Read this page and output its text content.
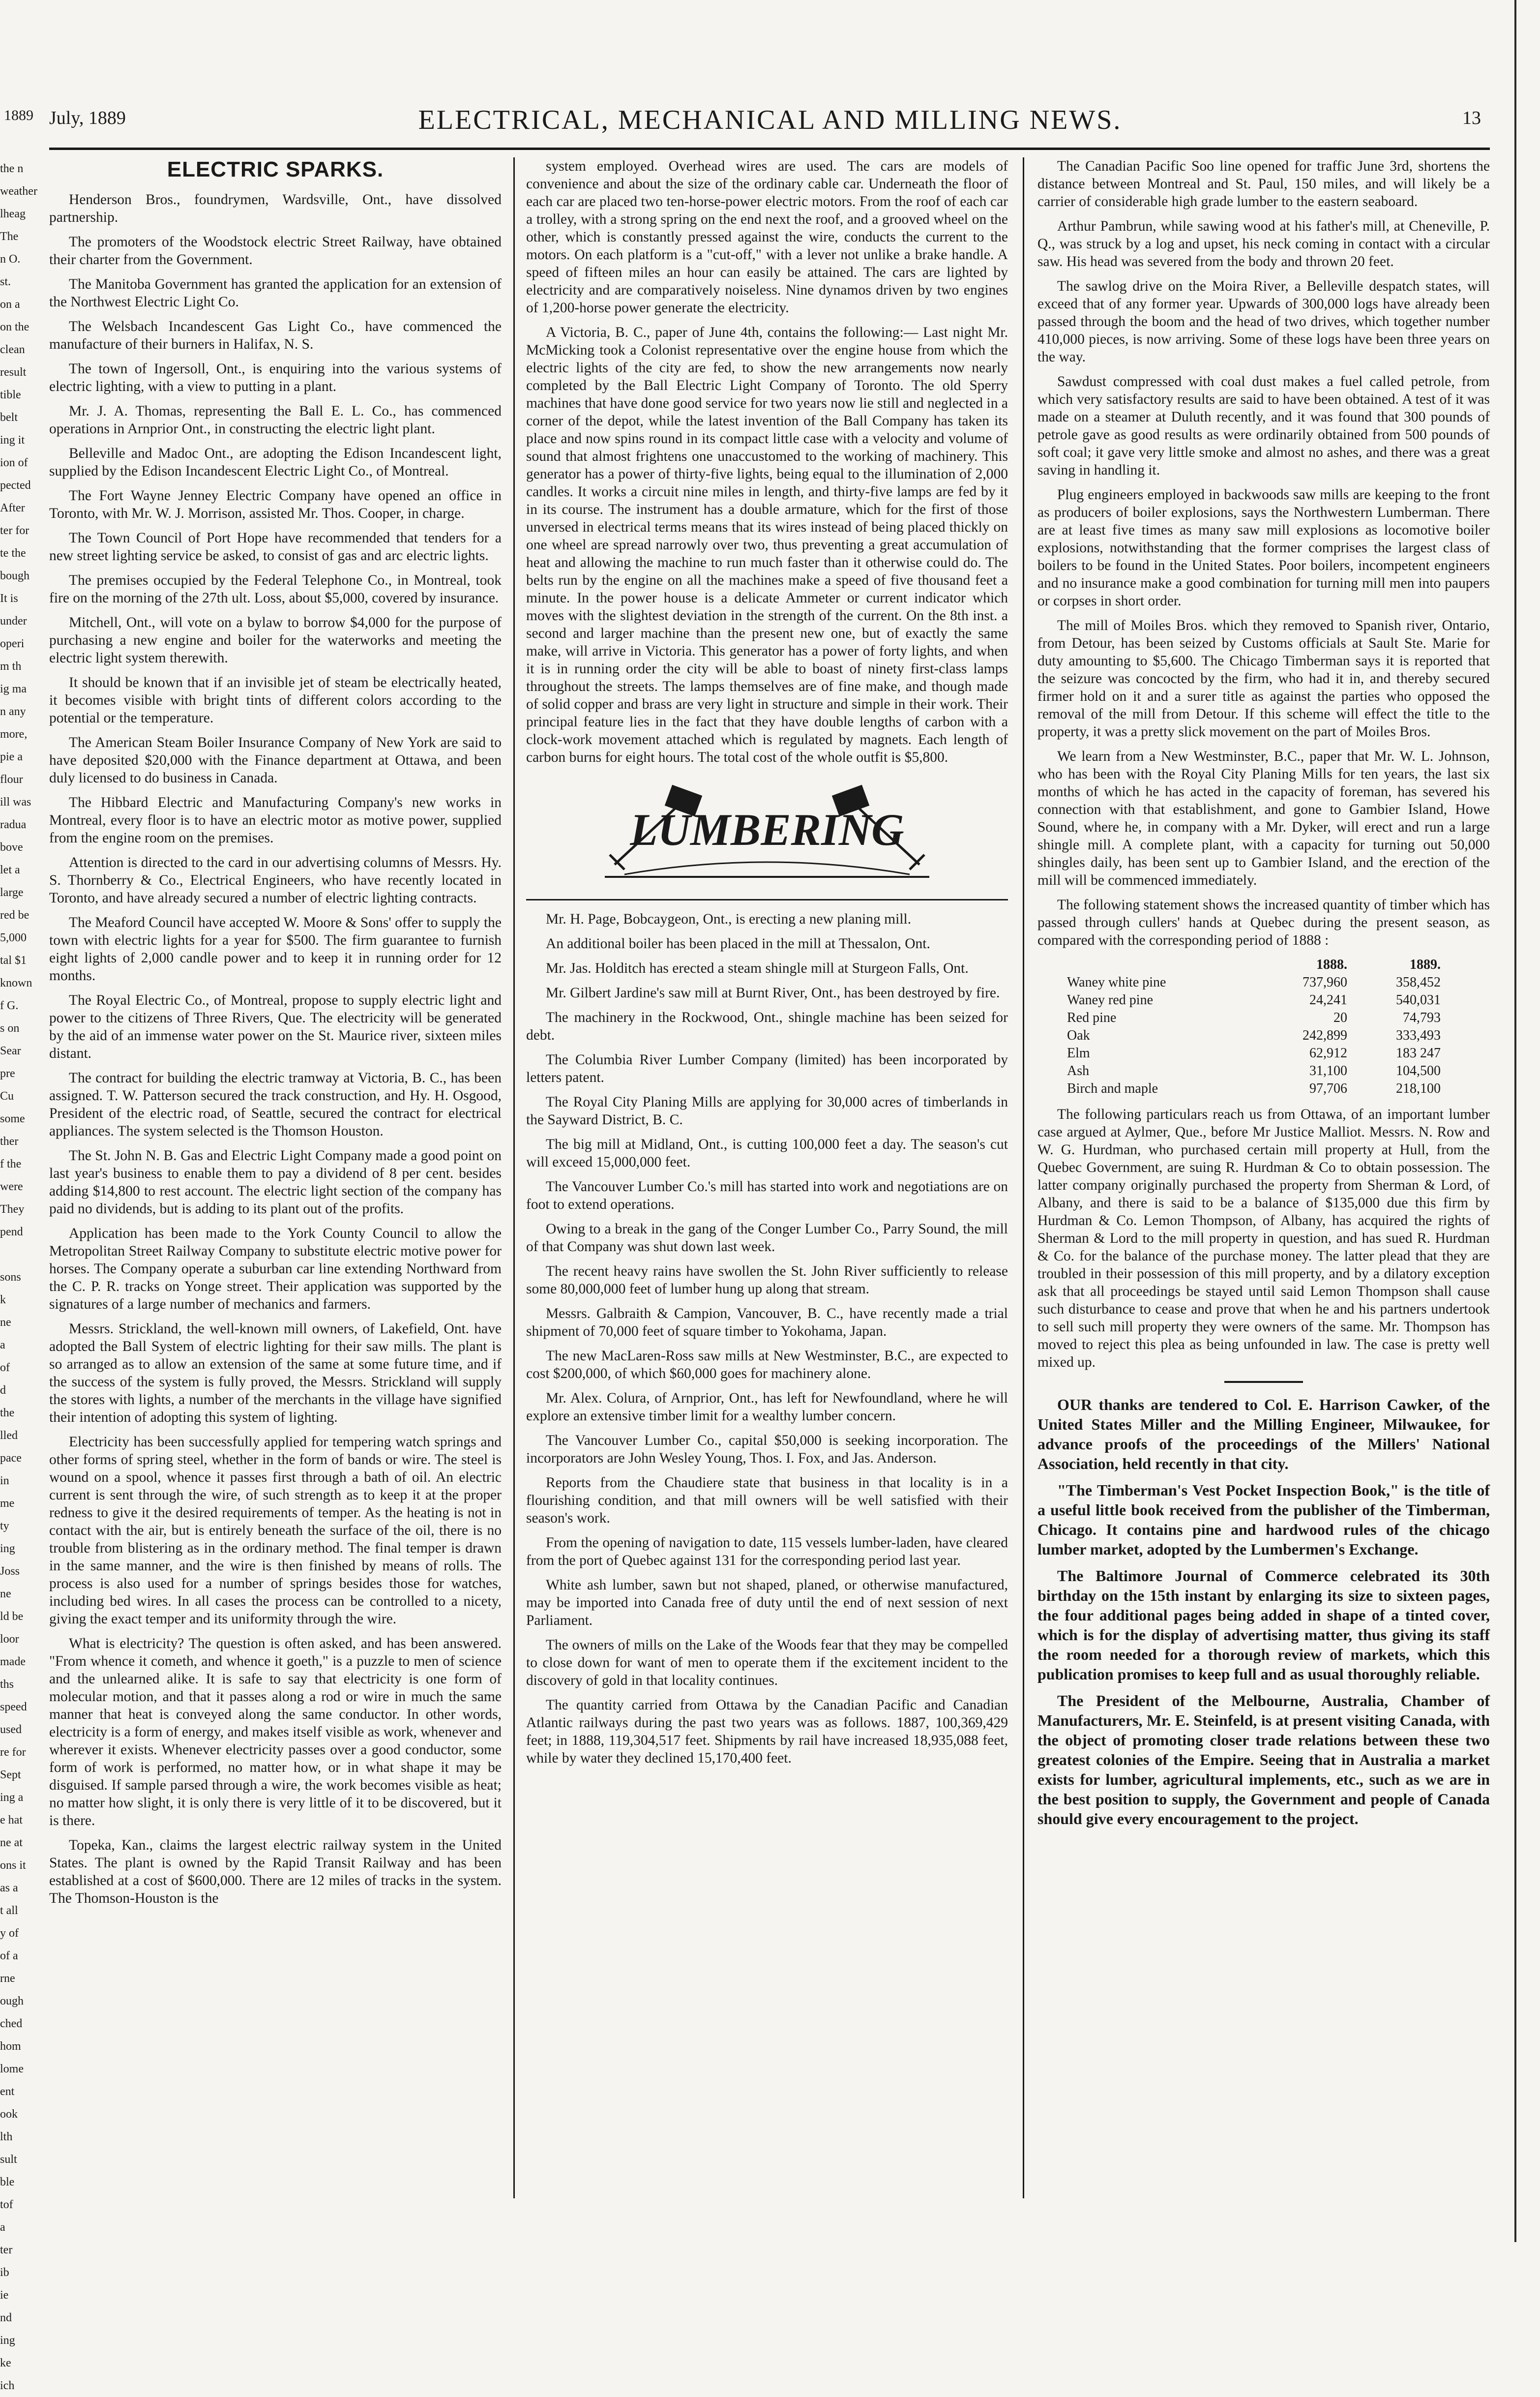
1889 July, 1889	ELECTRICAL, MECHANICAL AND MILLING NEWS.	13
the n
weather
lheag
The
n O.
st.
on a
on the
clean
result
tible
belt
ing it
ion of
pected
After
ter for
te the
bough
It is
under
operi
m th
ig ma
n any
more,
pie a
flour
ill was
radua
bove
let a
large
red be
5,000
tal $1
known
f G.
s on
Sear
pre
Cu
some
ther
f the
were
They
pend
sons
k
ne
a
of
d
the
lled
pace
in
me
ty
ing
Joss
ne
ld be
loor
made
ths
speed
used
re for
Sept
ing a
e hat
ne at
ons it
as a
t all
y of
of a
rne
ough
ched
hom
lome
ent
ook
lth
sult
ble
tof
a
ter
ib
ie
nd
ing
ke
ich
ELECTRIC SPARKS.

Henderson Bros., foundrymen, Wardsville, Ont., have dissolved partnership.

The promoters of the Woodstock electric Street Railway, have obtained their charter from the Government.

The Manitoba Government has granted the application for an extension of the Northwest Electric Light Co.

The Welsbach Incandescent Gas Light Co., have commenced the manufacture of their burners in Halifax, N. S.

The town of Ingersoll, Ont., is enquiring into the various systems of electric lighting, with a view to putting in a plant.

Mr. J. A. Thomas, representing the Ball E. L. Co., has commenced operations in Arnprior Ont., in constructing the electric light plant.

Belleville and Madoc Ont., are adopting the Edison Incandescent light, supplied by the Edison Incandescent Electric Light Co., of Montreal.

The Fort Wayne Jenney Electric Company have opened an office in Toronto, with Mr. W. J. Morrison, assisted Mr. Thos. Cooper, in charge.

The Town Council of Port Hope have recommended that tenders for a new street lighting service be asked, to consist of gas and arc electric lights.

The premises occupied by the Federal Telephone Co., in Montreal, took fire on the morning of the 27th ult. Loss, about $5,000, covered by insurance.

Mitchell, Ont., will vote on a bylaw to borrow $4,000 for the purpose of purchasing a new engine and boiler for the waterworks and meeting the electric light system therewith.

It should be known that if an invisible jet of steam be electrically heated, it becomes visible with bright tints of different colors according to the potential or the temperature.

The American Steam Boiler Insurance Company of New York are said to have deposited $20,000 with the Finance department at Ottawa, and been duly licensed to do business in Canada.

The Hibbard Electric and Manufacturing Company's new works in Montreal, every floor is to have an electric motor as motive power, supplied from the engine room on the premises.

Attention is directed to the card in our advertising columns of Messrs. Hy. S. Thornberry & Co., Electrical Engineers, who have recently located in Toronto, and have already secured a number of electric lighting contracts.

The Meaford Council have accepted W. Moore & Sons' offer to supply the town with electric lights for a year for $500. The firm guarantee to furnish eight lights of 2,000 candle power and to keep it in running order for 12 months.

The Royal Electric Co., of Montreal, propose to supply electric light and power to the citizens of Three Rivers, Que. The electricity will be generated by the aid of an immense water power on the St. Maurice river, sixteen miles distant.

The contract for building the electric tramway at Victoria, B. C., has been assigned. T. W. Patterson secured the track construction, and Hy. H. Osgood, President of the electric road, of Seattle, secured the contract for electrical appliances. The system selected is the Thomson Houston.

The St. John N. B. Gas and Electric Light Company made a good point on last year's business to enable them to pay a dividend of 8 per cent. besides adding $14,800 to rest account. The electric light section of the company has paid no dividends, but is adding to its plant out of the profits.

Application has been made to the York County Council to allow the Metropolitan Street Railway Company to substitute electric motive power for horses. The Company operate a suburban car line extending Northward from the C. P. R. tracks on Yonge street. Their application was supported by the signatures of a large number of mechanics and farmers.

Messrs. Strickland, the well-known mill owners, of Lakefield, Ont. have adopted the Ball System of electric lighting for their saw mills. The plant is so arranged as to allow an extension of the same at some future time, and if the success of the system is fully proved, the Messrs. Strickland will supply the stores with lights, a number of the merchants in the village have signified their intention of adopting this system of lighting.

Electricity has been successfully applied for tempering watch springs and other forms of spring steel, whether in the form of bands or wire. The steel is wound on a spool, whence it passes first through a bath of oil. An electric current is sent through the wire, of such strength as to keep it at the proper redness to give it the desired requirements of temper. As the heating is not in contact with the air, but is entirely beneath the surface of the oil, there is no trouble from blistering as in the ordinary method. The final temper is drawn in the same manner, and the wire is then finished by means of rolls. The process is also used for a number of springs besides those for watches, including bed wires. In all cases the process can be controlled to a nicety, giving the exact temper and its uniformity through the wire.

What is electricity? The question is often asked, and has been answered. "From whence it cometh, and whence it goeth," is a puzzle to men of science and the unlearned alike. It is safe to say that electricity is one form of molecular motion, and that it passes along a rod or wire in much the same manner that heat is conveyed along the same conductor. In other words, electricity is a form of energy, and makes itself visible as work, whenever and wherever it exists. Whenever electricity passes over a good conductor, some form of work is performed, no matter how, or in what shape it may be disguised. If sample parsed through a wire, the work becomes visible as heat; no matter how slight, it is only there is very little of it to be discovered, but it is there.

Topeka, Kan., claims the largest electric railway system in the United States. The plant is owned by the Rapid Transit Railway and has been established at a cost of $600,000. There are 12 miles of tracks in the system. The Thomson-Houston is the

system employed. Overhead wires are used. The cars are models of convenience and about the size of the ordinary cable car. Underneath the floor of each car are placed two ten-horse-power electric motors. From the roof of each car a trolley, with a strong spring on the end next the roof, and a grooved wheel on the other, which is constantly pressed against the wire, conducts the current to the motors. On each platform is a "cut-off," with a lever not unlike a brake handle. A speed of fifteen miles an hour can easily be attained. The cars are lighted by electricity and are comparatively noiseless. Nine dynamos driven by two engines of 1,200-horse power generate the electricity.

A Victoria, B. C., paper of June 4th, contains the following:— Last night Mr. McMicking took a Colonist representative over the engine house from which the electric lights of the city are fed, to show the new arrangements now nearly completed by the Ball Electric Light Company of Toronto. The old Sperry machines that have done good service for two years now lie still and neglected in a corner of the depot, while the latest invention of the Ball Company has taken its place and now spins round in its compact little case with a velocity and volume of sound that almost frightens one unaccustomed to the working of machinery. This generator has a power of thirty-five lights, being equal to the illumination of 2,000 candles. It works a circuit nine miles in length, and thirty-five lamps are fed by it in its course. The instrument has a double armature, which for the first of those unversed in electrical terms means that its wires instead of being placed thickly on one wheel are spread narrowly over two, thus preventing a great accumulation of heat and allowing the machine to run much faster than it otherwise could do. The belts run by the engine on all the machines make a speed of five thousand feet a minute. In the power house is a delicate Ammeter or current indicator which moves with the slightest deviation in the strength of the current. On the 8th inst. a second and larger machine than the present new one, but of exactly the same make, will arrive in Victoria. This generator has a power of forty lights, and when it is in running order the city will be able to boast of ninety first-class lamps throughout the streets. The lamps themselves are of fine make, and though made of solid copper and brass are very light in structure and simple in their work. Their principal feature lies in the fact that they have double lengths of carbon with a clock-work movement attached which is regulated by magnets. Each length of carbon burns for eight hours. The total cost of the whole outfit is $5,800.

LUMBERING

Mr. H. Page, Bobcaygeon, Ont., is erecting a new planing mill.

An additional boiler has been placed in the mill at Thessalon, Ont.

Mr. Jas. Holditch has erected a steam shingle mill at Sturgeon Falls, Ont.

Mr. Gilbert Jardine's saw mill at Burnt River, Ont., has been destroyed by fire.

The machinery in the Rockwood, Ont., shingle machine has been seized for debt.

The Columbia River Lumber Company (limited) has been incorporated by letters patent.

The Royal City Planing Mills are applying for 30,000 acres of timberlands in the Sayward District, B. C.

The big mill at Midland, Ont., is cutting 100,000 feet a day. The season's cut will exceed 15,000,000 feet.

The Vancouver Lumber Co.'s mill has started into work and negotiations are on foot to extend operations.

Owing to a break in the gang of the Conger Lumber Co., Parry Sound, the mill of that Company was shut down last week.

The recent heavy rains have swollen the St. John River sufficiently to release some 80,000,000 feet of lumber hung up along that stream.

Messrs. Galbraith & Campion, Vancouver, B. C., have recently made a trial shipment of 70,000 feet of square timber to Yokohama, Japan.

The new MacLaren-Ross saw mills at New Westminster, B.C., are expected to cost $200,000, of which $60,000 goes for machinery alone.

Mr. Alex. Colura, of Arnprior, Ont., has left for Newfoundland, where he will explore an extensive timber limit for a wealthy lumber concern.

The Vancouver Lumber Co., capital $50,000 is seeking incorporation. The incorporators are John Wesley Young, Thos. I. Fox, and Jas. Anderson.

Reports from the Chaudiere state that business in that locality is in a flourishing condition, and that mill owners will be well satisfied with their season's work.

From the opening of navigation to date, 115 vessels lumber-laden, have cleared from the port of Quebec against 131 for the corresponding period last year.

White ash lumber, sawn but not shaped, planed, or otherwise manufactured, may be imported into Canada free of duty until the end of next session of next Parliament.

The owners of mills on the Lake of the Woods fear that they may be compelled to close down for want of men to operate them if the excitement incident to the discovery of gold in that locality continues.

The quantity carried from Ottawa by the Canadian Pacific and Canadian Atlantic railways during the past two years was as follows. 1887, 100,369,429 feet; in 1888, 119,304,517 feet. Shipments by rail have increased 18,935,088 feet, while by water they declined 15,170,400 feet.

The Canadian Pacific Soo line opened for traffic June 3rd, shortens the distance between Montreal and St. Paul, 150 miles, and will likely be a carrier of considerable high grade lumber to the eastern seaboard.

Arthur Pambrun, while sawing wood at his father's mill, at Cheneville, P. Q., was struck by a log and upset, his neck coming in contact with a circular saw. His head was severed from the body and thrown 20 feet.

The sawlog drive on the Moira River, a Belleville despatch states, will exceed that of any former year. Upwards of 300,000 logs have already been passed through the boom and the head of two drives, which together number 410,000 pieces, is now arriving. Some of these logs have been three years on the way.

Sawdust compressed with coal dust makes a fuel called petrole, from which very satisfactory results are said to have been obtained. A test of it was made on a steamer at Duluth recently, and it was found that 300 pounds of petrole gave as good results as were ordinarily obtained from 500 pounds of soft coal; it gave very little smoke and almost no ashes, and there was a great saving in handling it.

Plug engineers employed in backwoods saw mills are keeping to the front as producers of boiler explosions, says the Northwestern Lumberman. There are at least five times as many saw mill explosions as locomotive boiler explosions, notwithstanding that the former comprises the largest class of boilers to be found in the United States. Poor boilers, incompetent engineers and no insurance make a good combination for turning mill men into paupers or corpses in short order.

The mill of Moiles Bros. which they removed to Spanish river, Ontario, from Detour, has been seized by Customs officials at Sault Ste. Marie for duty amounting to $5,600. The Chicago Timberman says it is reported that the seizure was concocted by the firm, who had it in, and thereby secured firmer hold on it and a surer title as against the parties who opposed the removal of the mill from Detour. If this scheme will effect the title to the property, it was a pretty slick movement on the part of Moiles Bros.

We learn from a New Westminster, B.C., paper that Mr. W. L. Johnson, who has been with the Royal City Planing Mills for ten years, the last six months of which he has acted in the capacity of foreman, has severed his connection with that establishment, and gone to Gambier Island, Howe Sound, where he, in company with a Mr. Dyker, will erect and run a large shingle mill. A complete plant, with a capacity for turning out 50,000 shingles daily, has been sent up to Gambier Island, and the erection of the mill will be commenced immediately.

The following statement shows the increased quantity of timber which has passed through cullers' hands at Quebec during the present season, as compared with the corresponding period of 1888 :

1888.	1889.
Waney white pine	737,960	358,452
Waney red pine	24,241	540,031
Red pine	20	74,793
Oak	242,899	333,493
Elm	62,912	183 247
Ash	31,100	104,500
Birch and maple	97,706	218,100

The following particulars reach us from Ottawa, of an important lumber case argued at Aylmer, Que., before Mr Justice Malliot. Messrs. N. Row and W. G. Hurdman, who purchased certain mill property at Hull, from the Quebec Government, are suing R. Hurdman & Co to obtain possession. The latter company originally purchased the property from Sherman & Lord, of Albany, and there is said to be a balance of $135,000 due this firm by Hurdman & Co. Lemon Thompson, of Albany, has acquired the rights of Sherman & Lord to the mill property in question, and has sued R. Hurdman & Co. for the balance of the purchase money. The latter plead that they are troubled in their possession of this mill property, and by a dilatory exception ask that all proceedings be stayed until said Lemon Thompson shall cause such disturbance to cease and prove that when he and his partners undertook to sell such mill property they were owners of the same. Mr. Thompson has moved to reject this plea as being unfounded in law. The case is pretty well mixed up.

OUR thanks are tendered to Col. E. Harrison Cawker, of the United States Miller and the Milling Engineer, Milwaukee, for advance proofs of the proceedings of the Millers' National Association, held recently in that city.

"The Timberman's Vest Pocket Inspection Book," is the title of a useful little book received from the publisher of the Timberman, Chicago. It contains pine and hardwood rules of the chicago lumber market, adopted by the Lumbermen's Exchange.

The Baltimore Journal of Commerce celebrated its 30th birthday on the 15th instant by enlarging its size to sixteen pages, the four additional pages being added in shape of a tinted cover, which is for the display of advertising matter, thus giving its staff the room needed for a thorough review of markets, which this publication promises to keep full and as usual thoroughly reliable.

The President of the Melbourne, Australia, Chamber of Manufacturers, Mr. E. Steinfeld, is at present visiting Canada, with the object of promoting closer trade relations between these two greatest colonies of the Empire. Seeing that in Australia a market exists for lumber, agricultural implements, etc., such as we are in the best position to supply, the Government and people of Canada should give every encouragement to the project.
